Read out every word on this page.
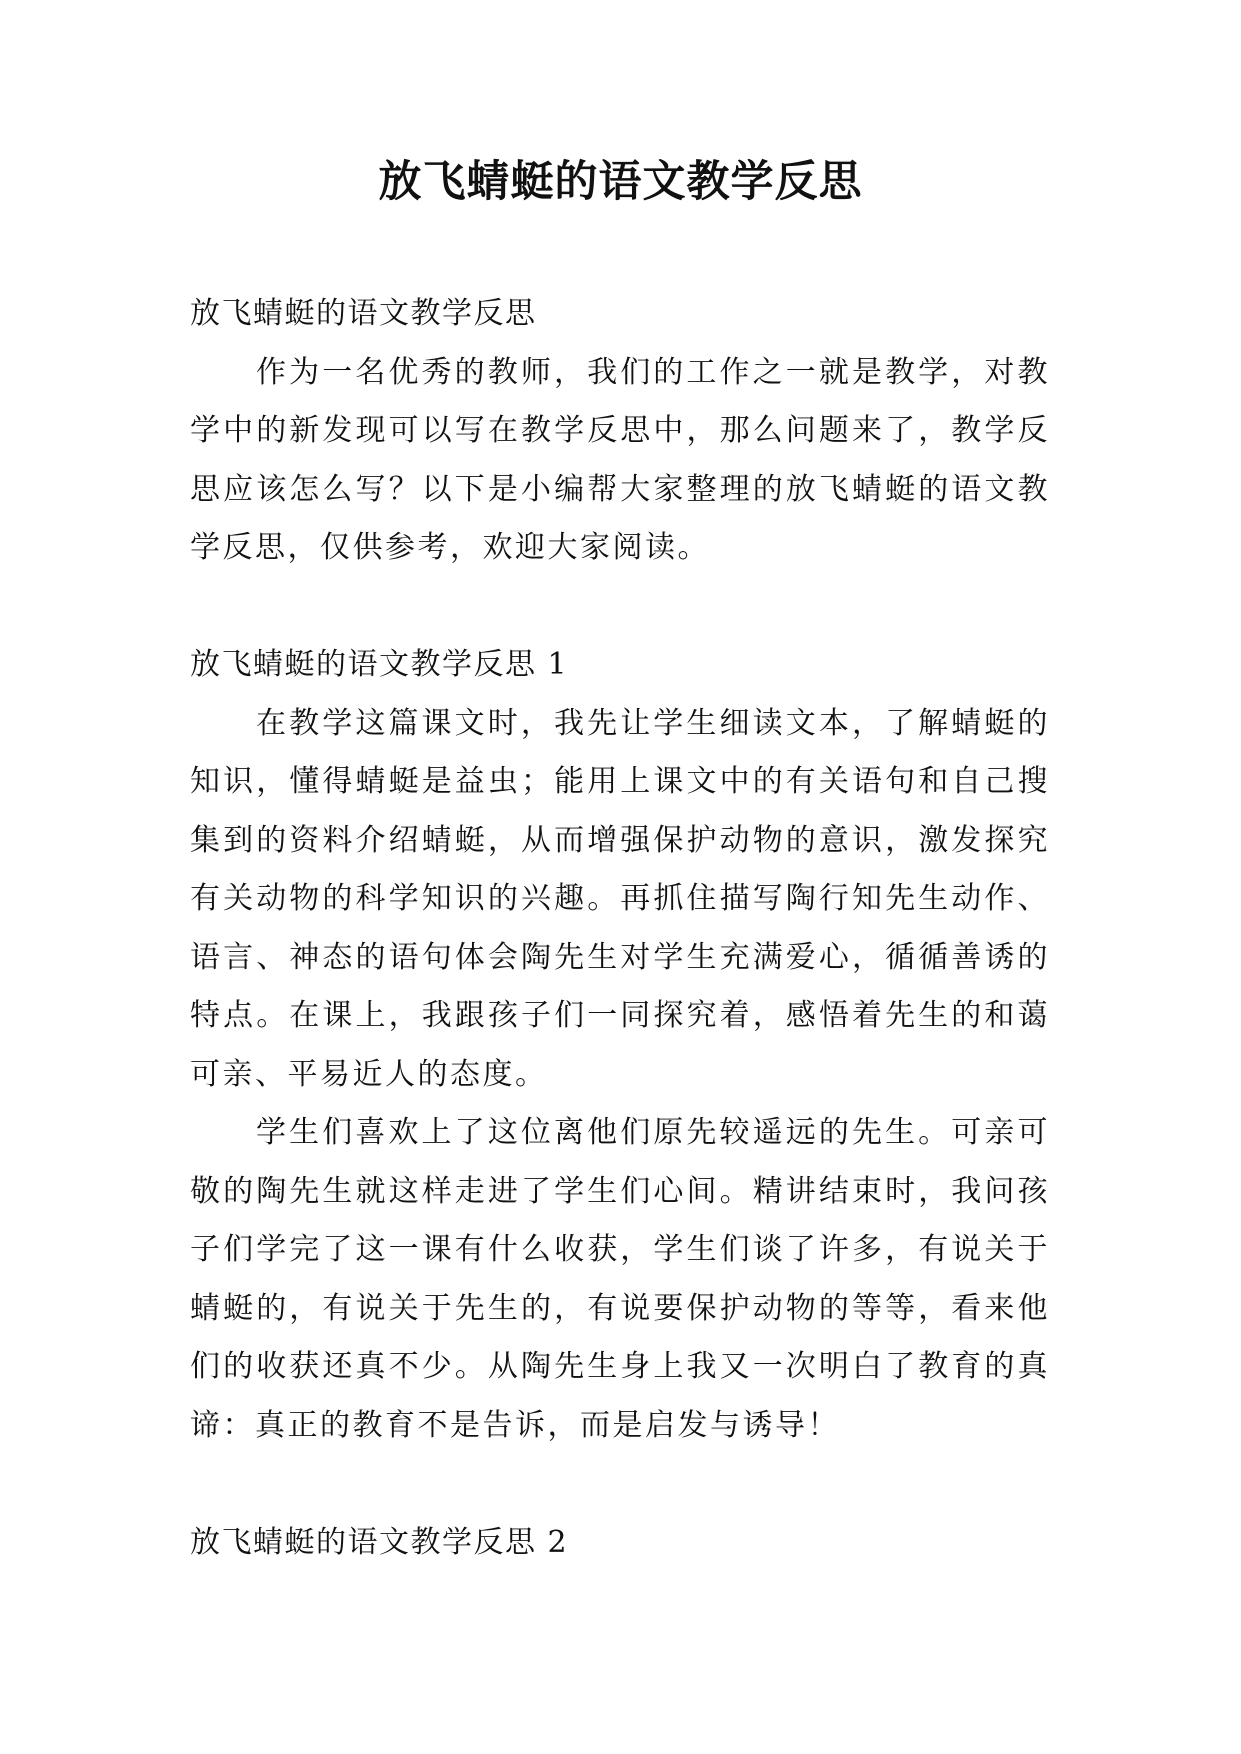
放飞蜻蜓的语文教学反思

放飞蜻蜓的语文教学反思

作为一名优秀的教师，我们的工作之一就是教学，对教学中的新发现可以写在教学反思中，那么问题来了，教学反思应该怎么写？以下是小编帮大家整理的放飞蜻蜓的语文教学反思，仅供参考，欢迎大家阅读。

放飞蜻蜓的语文教学反思 1

在教学这篇课文时，我先让学生细读文本，了解蜻蜓的知识，懂得蜻蜓是益虫；能用上课文中的有关语句和自己搜集到的资料介绍蜻蜓，从而增强保护动物的意识，激发探究有关动物的科学知识的兴趣。再抓住描写陶行知先生动作、语言、神态的语句体会陶先生对学生充满爱心，循循善诱的特点。在课上，我跟孩子们一同探究着，感悟着先生的和蔼可亲、平易近人的态度。

学生们喜欢上了这位离他们原先较遥远的先生。可亲可敬的陶先生就这样走进了学生们心间。精讲结束时，我问孩子们学完了这一课有什么收获，学生们谈了许多，有说关于蜻蜓的，有说关于先生的，有说要保护动物的等等，看来他们的收获还真不少。从陶先生身上我又一次明白了教育的真谛：真正的教育不是告诉，而是启发与诱导！

放飞蜻蜓的语文教学反思 2
